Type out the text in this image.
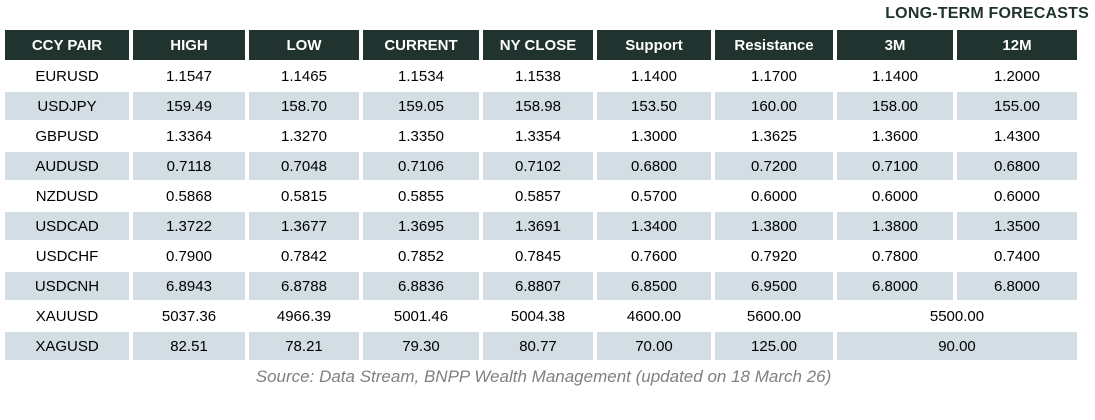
LONG-TERM FORECASTS
CCY PAIR	HIGH	LOW	CURRENT	NY CLOSE	Support	Resistance	3M	12M
EURUSD	1.1547	1.1465	1.1534	1.1538	1.1400	1.1700	1.1400	1.2000
USDJPY	159.49	158.70	159.05	158.98	153.50	160.00	158.00	155.00
GBPUSD	1.3364	1.3270	1.3350	1.3354	1.3000	1.3625	1.3600	1.4300
AUDUSD	0.7118	0.7048	0.7106	0.7102	0.6800	0.7200	0.7100	0.6800
NZDUSD	0.5868	0.5815	0.5855	0.5857	0.5700	0.6000	0.6000	0.6000
USDCAD	1.3722	1.3677	1.3695	1.3691	1.3400	1.3800	1.3800	1.3500
USDCHF	0.7900	0.7842	0.7852	0.7845	0.7600	0.7920	0.7800	0.7400
USDCNH	6.8943	6.8788	6.8836	6.8807	6.8500	6.9500	6.8000	6.8000
XAUUSD	5037.36	4966.39	5001.46	5004.38	4600.00	5600.00	5500.00	
XAGUSD	82.51	78.21	79.30	80.77	70.00	125.00	90.00	
Source: Data Stream, BNPP Wealth Management (updated on 18 March 26)
